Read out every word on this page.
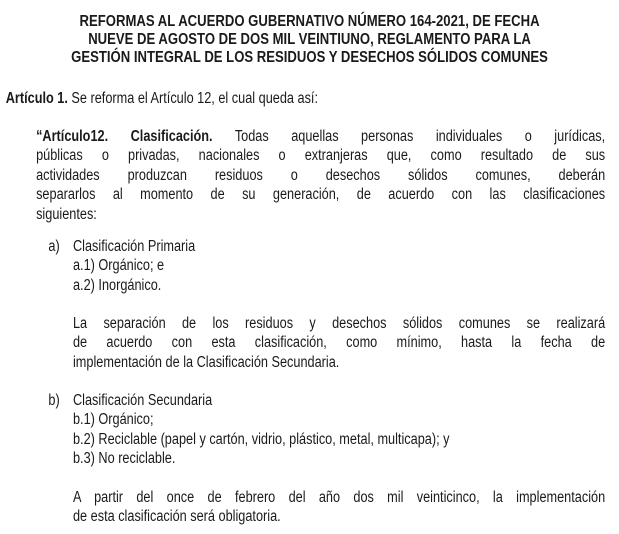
REFORMAS AL ACUERDO GUBERNATIVO NÚMERO 164-2021, DE FECHA
NUEVE DE AGOSTO DE DOS MIL VEINTIUNO, REGLAMENTO PARA LA
GESTIÓN INTEGRAL DE LOS RESIDUOS Y DESECHOS SÓLIDOS COMUNES
Artículo 1. Se reforma el Artículo 12, el cual queda así:
“Artículo12. Clasificación. Todas aquellas personas individuales o jurídicas,
públicas o privadas, nacionales o extranjeras que, como resultado de sus
actividades produzcan residuos o desechos sólidos comunes, deberán
separarlos al momento de su generación, de acuerdo con las clasificaciones
siguientes:
a) Clasificación Primaria
a.1) Orgánico; e
a.2) Inorgánico.
La separación de los residuos y desechos sólidos comunes se realizará
de acuerdo con esta clasificación, como mínimo, hasta la fecha de
implementación de la Clasificación Secundaria.
b) Clasificación Secundaria
b.1) Orgánico;
b.2) Reciclable (papel y cartón, vidrio, plástico, metal, multicapa); y
b.3) No reciclable.
A partir del once de febrero del año dos mil veinticinco, la implementación
de esta clasificación será obligatoria.
